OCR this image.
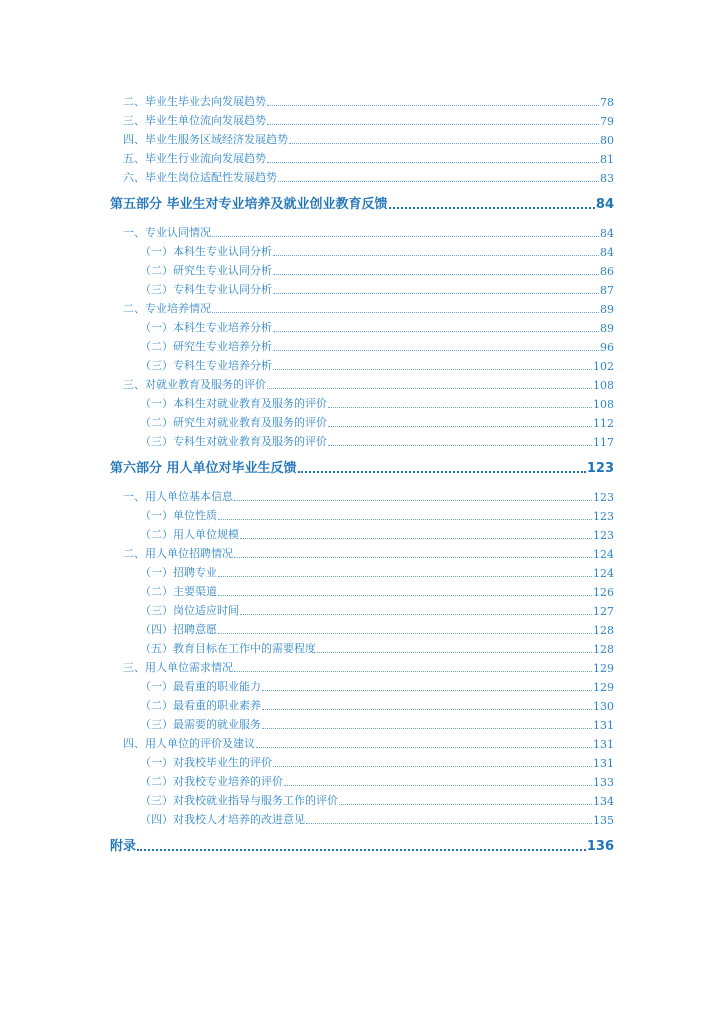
二、毕业生毕业去向发展趋势	78
三、毕业生单位流向发展趋势	79
四、毕业生服务区域经济发展趋势	80
五、毕业生行业流向发展趋势	81
六、毕业生岗位适配性发展趋势	83
第五部分 毕业生对专业培养及就业创业教育反馈	84
一、专业认同情况	84
（一）本科生专业认同分析	84
（二）研究生专业认同分析	86
（三）专科生专业认同分析	87
二、专业培养情况	89
（一）本科生专业培养分析	89
（二）研究生专业培养分析	96
（三）专科生专业培养分析	102
三、对就业教育及服务的评价	108
（一）本科生对就业教育及服务的评价	108
（二）研究生对就业教育及服务的评价	112
（三）专科生对就业教育及服务的评价	117
第六部分 用人单位对毕业生反馈	123
一、用人单位基本信息	123
（一）单位性质	123
（二）用人单位规模	123
二、用人单位招聘情况	124
（一）招聘专业	124
（二）主要渠道	126
（三）岗位适应时间	127
（四）招聘意愿	128
（五）教育目标在工作中的需要程度	128
三、用人单位需求情况	129
（一）最看重的职业能力	129
（二）最看重的职业素养	130
（三）最需要的就业服务	131
四、用人单位的评价及建议	131
（一）对我校毕业生的评价	131
（二）对我校专业培养的评价	133
（三）对我校就业指导与服务工作的评价	134
（四）对我校人才培养的改进意见	135
附录	136
